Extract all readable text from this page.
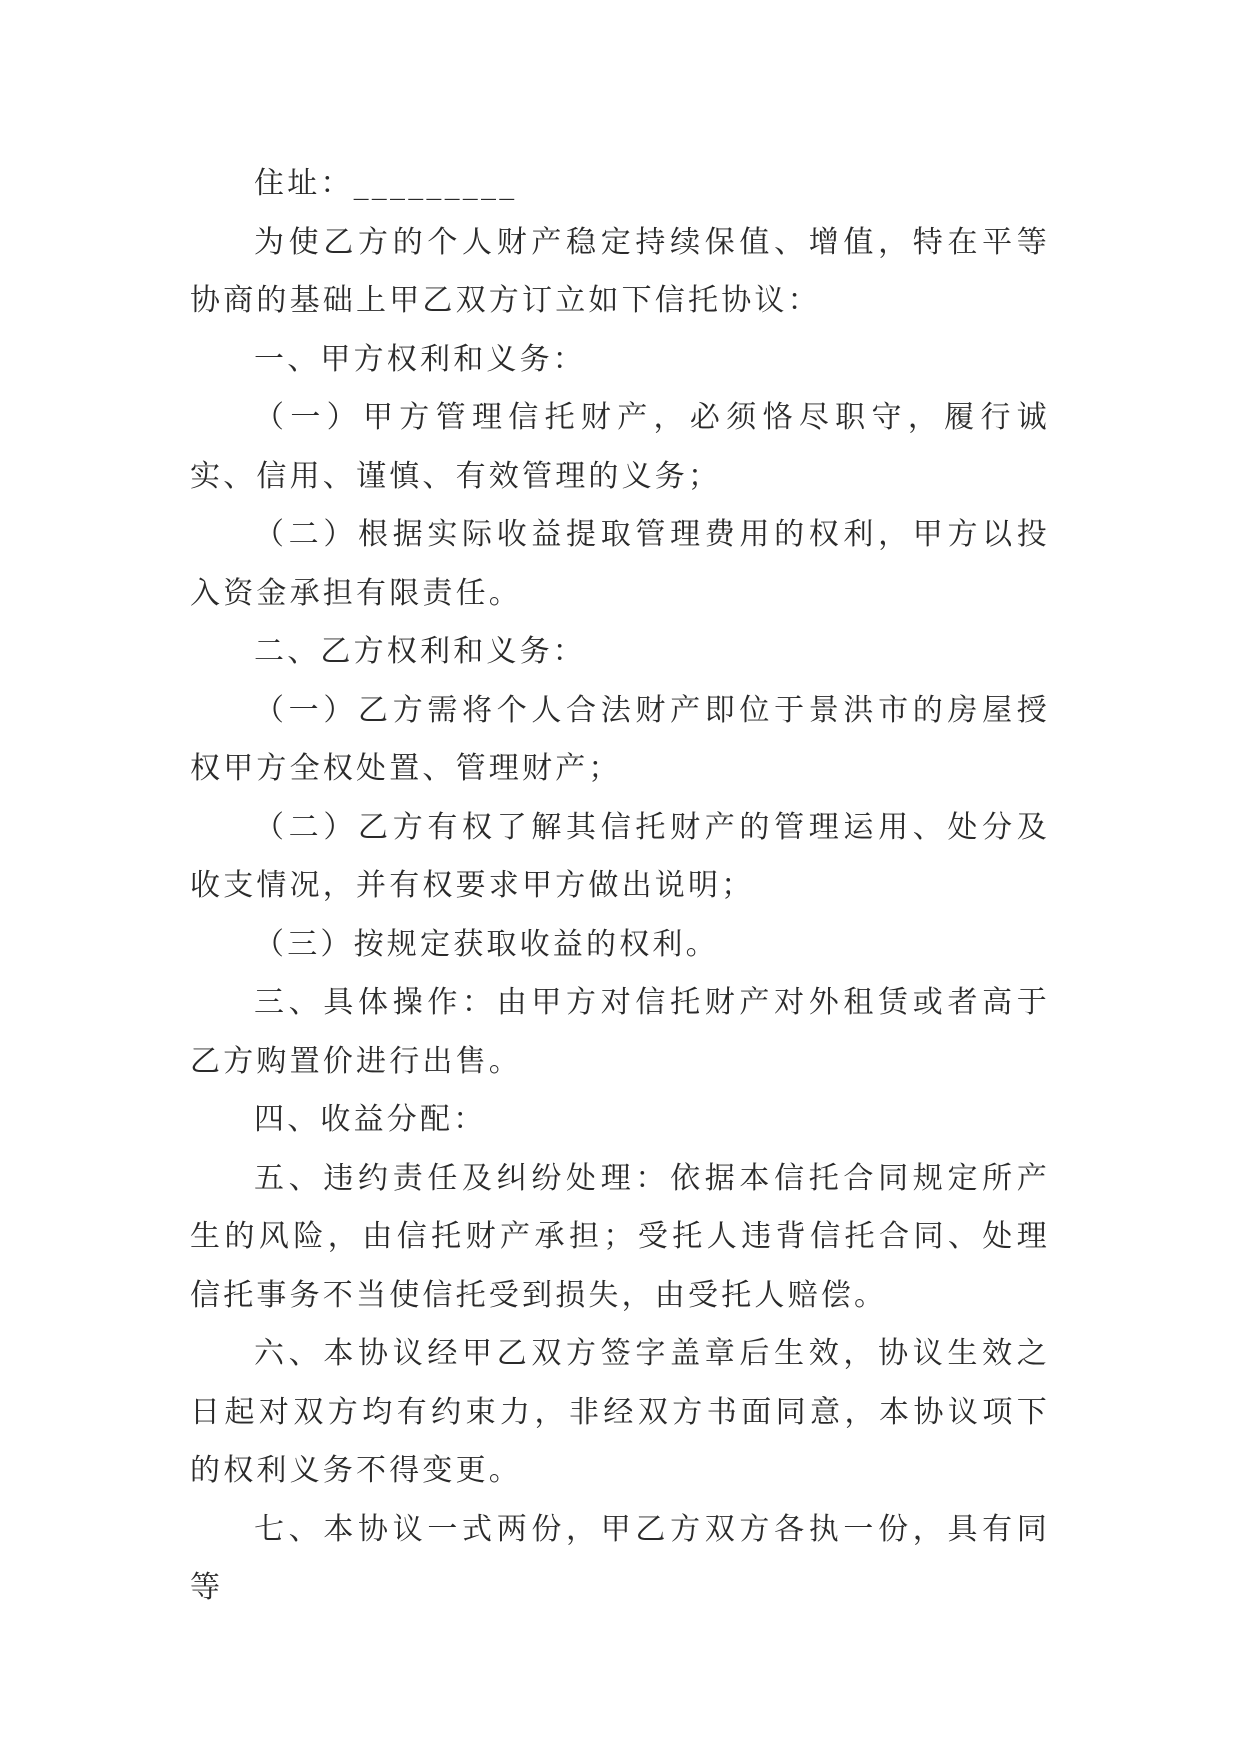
住址：_________

为使乙方的个人财产稳定持续保值、增值，特在平等协商的基础上甲乙双方订立如下信托协议：

一、甲方权利和义务：

（一）甲方管理信托财产，必须恪尽职守，履行诚实、信用、谨慎、有效管理的义务；

（二）根据实际收益提取管理费用的权利，甲方以投入资金承担有限责任。

二、乙方权利和义务：

（一）乙方需将个人合法财产即位于景洪市的房屋授权甲方全权处置、管理财产；

（二）乙方有权了解其信托财产的管理运用、处分及收支情况，并有权要求甲方做出说明；

（三）按规定获取收益的权利。

三、具体操作：由甲方对信托财产对外租赁或者高于乙方购置价进行出售。

四、收益分配：

五、违约责任及纠纷处理：依据本信托合同规定所产生的风险，由信托财产承担；受托人违背信托合同、处理信托事务不当使信托受到损失，由受托人赔偿。

六、本协议经甲乙双方签字盖章后生效，协议生效之日起对双方均有约束力，非经双方书面同意，本协议项下的权利义务不得变更。

七、本协议一式两份，甲乙方双方各执一份，具有同等
